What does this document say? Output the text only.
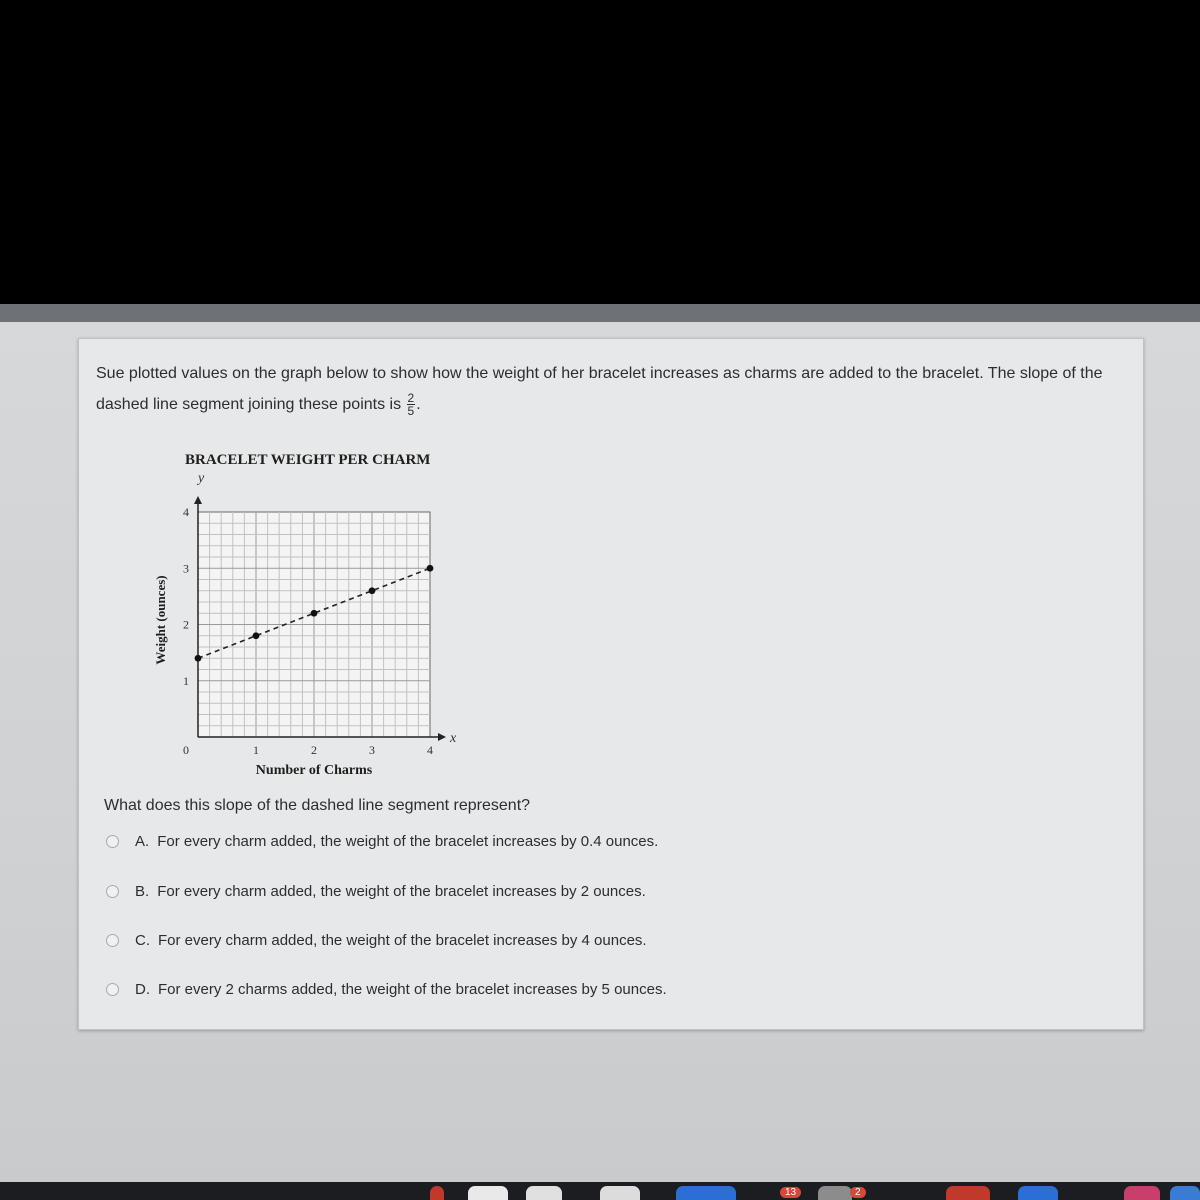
Sue plotted values on the graph below to show how the weight of her bracelet increases as charms are added to the bracelet. The slope of the dashed line segment joining these points is $\frac{2}{5}$ .
BRACELET WEIGHT PER CHARM
0	1	2	3	4
1
2
3
4
y
x
Number of Charms
Weight (ounces)
What does this slope of the dashed line segment represent?
A. For every charm added, the weight of the bracelet increases by 0.4 ounces.
B. For every charm added, the weight of the bracelet increases by 2 ounces.
C. For every charm added, the weight of the bracelet increases by 4 ounces.
D. For every 2 charms added, the weight of the bracelet increases by 5 ounces.
13	2
